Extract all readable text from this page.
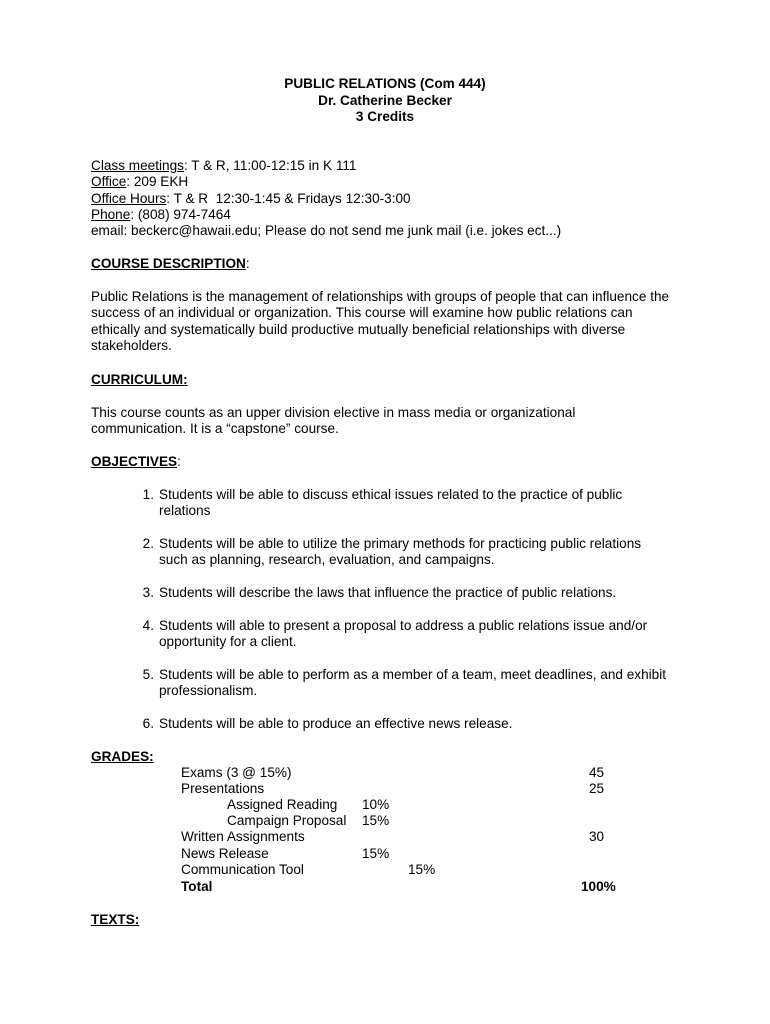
PUBLIC RELATIONS (Com 444)
Dr. Catherine Becker
3 Credits
Class meetings: T & R, 11:00-12:15 in K 111
Office: 209 EKH
Office Hours: T & R  12:30-1:45 & Fridays 12:30-3:00
Phone: (808) 974-7464
email: beckerc@hawaii.edu; Please do not send me junk mail (i.e. jokes ect...)
COURSE DESCRIPTION:
Public Relations is the management of relationships with groups of people that can influence the success of an individual or organization. This course will examine how public relations can ethically and systematically build productive mutually beneficial relationships with diverse stakeholders.
CURRICULUM:
This course counts as an upper division elective in mass media or organizational communication. It is a “capstone” course.
OBJECTIVES:
1. Students will be able to discuss ethical issues related to the practice of public relations
2. Students will be able to utilize the primary methods for practicing public relations such as planning, research, evaluation, and campaigns.
3. Students will describe the laws that influence the practice of public relations.
4. Students will able to present a proposal to address a public relations issue and/or opportunity for a client.
5. Students will be able to perform as a member of a team, meet deadlines, and exhibit professionalism.
6. Students will be able to produce an effective news release.
GRADES:
Exams (3 @ 15%)	45
Presentations	25
Assigned Reading 10%
Campaign Proposal 15%
Written Assignments	30
News Release	15%
Communication Tool	15%
Total	100%
TEXTS:
